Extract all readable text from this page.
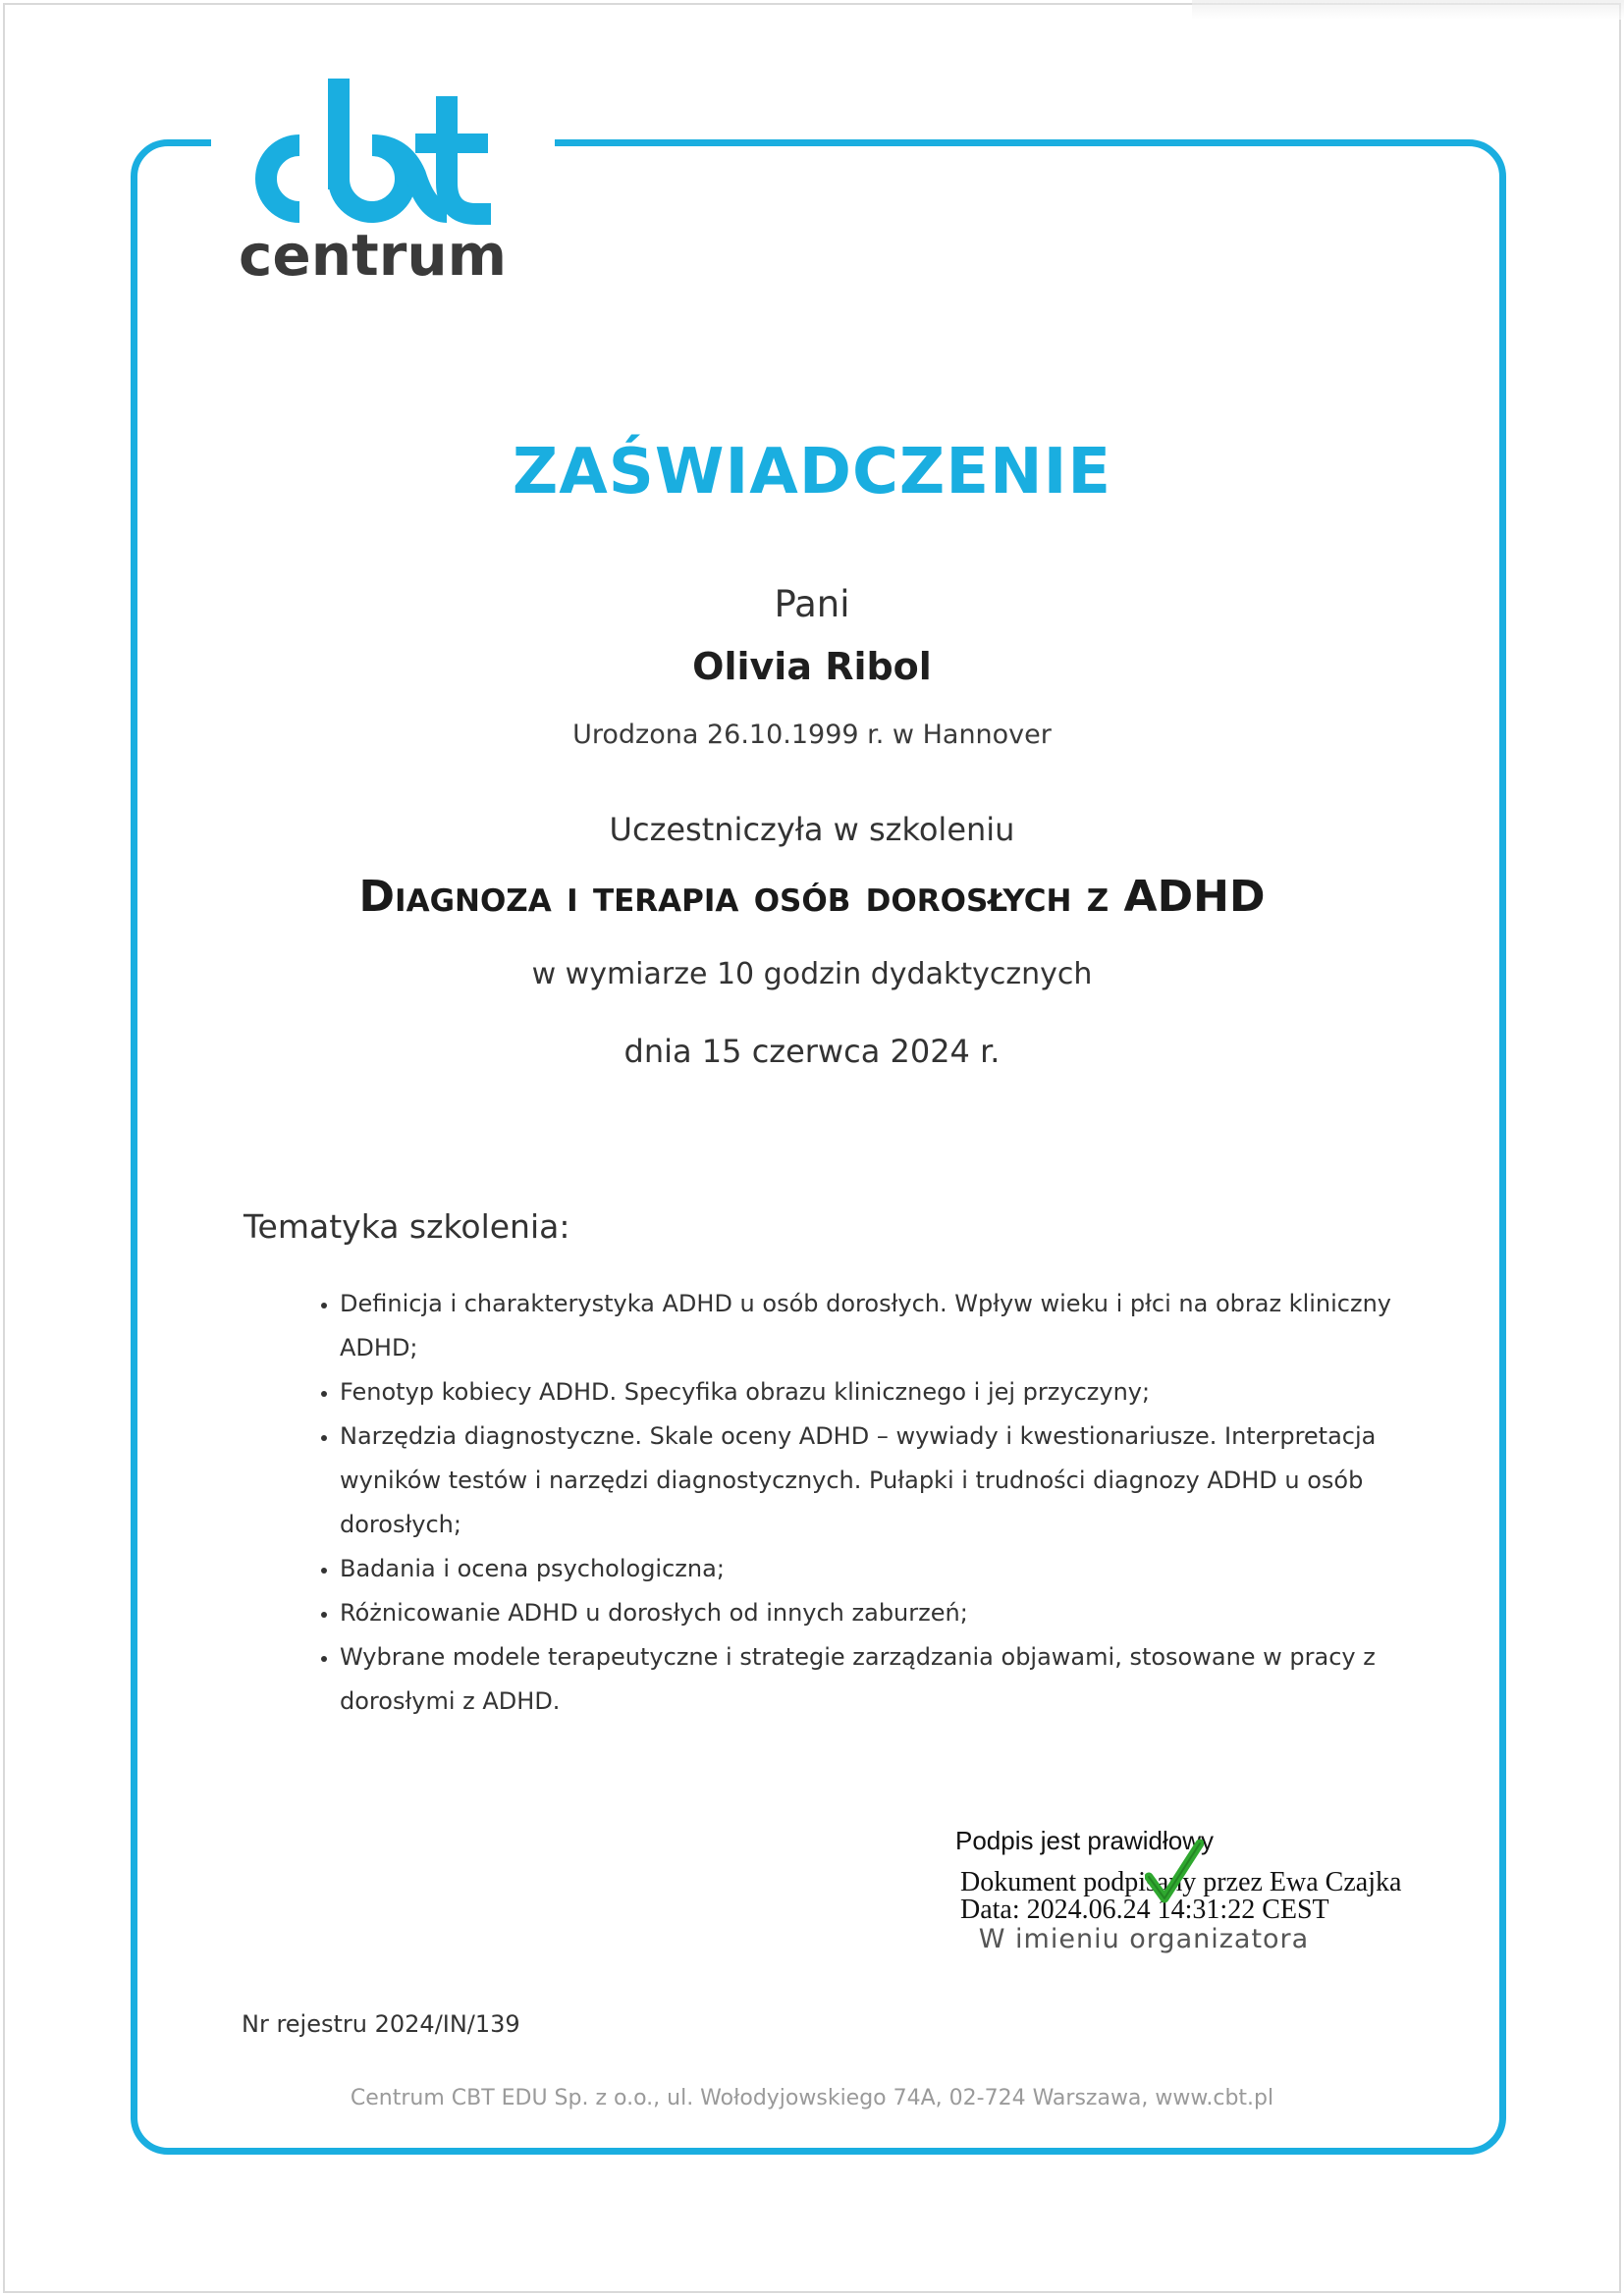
centrum
ZAŚWIADCZENIE
Pani
Olivia Ribol
Urodzona 26.10.1999 r. w Hannover
Uczestniczyła w szkoleniu
Diagnoza i terapia osób dorosłych z ADHD
w wymiarze 10 godzin dydaktycznych
dnia 15 czerwca 2024 r.
Tematyka szkolenia:
• Definicja i charakterystyka ADHD u osób dorosłych. Wpływ wieku i płci na obraz kliniczny ADHD;
• Fenotyp kobiecy ADHD. Specyfika obrazu klinicznego i jej przyczyny;
• Narzędzia diagnostyczne. Skale oceny ADHD – wywiady i kwestionariusze. Interpretacja wyników testów i narzędzi diagnostycznych. Pułapki i trudności diagnozy ADHD u osób dorosłych;
• Badania i ocena psychologiczna;
• Różnicowanie ADHD u dorosłych od innych zaburzeń;
• Wybrane modele terapeutyczne i strategie zarządzania objawami, stosowane w pracy z dorosłymi z ADHD.
Podpis jest prawidłowy
Dokument podpisany przez Ewa Czajka
Data: 2024.06.24 14:31:22 CEST
W imieniu organizatora
Nr rejestru 2024/IN/139
Centrum CBT EDU Sp. z o.o., ul. Wołodyjowskiego 74A, 02-724 Warszawa, www.cbt.pl
